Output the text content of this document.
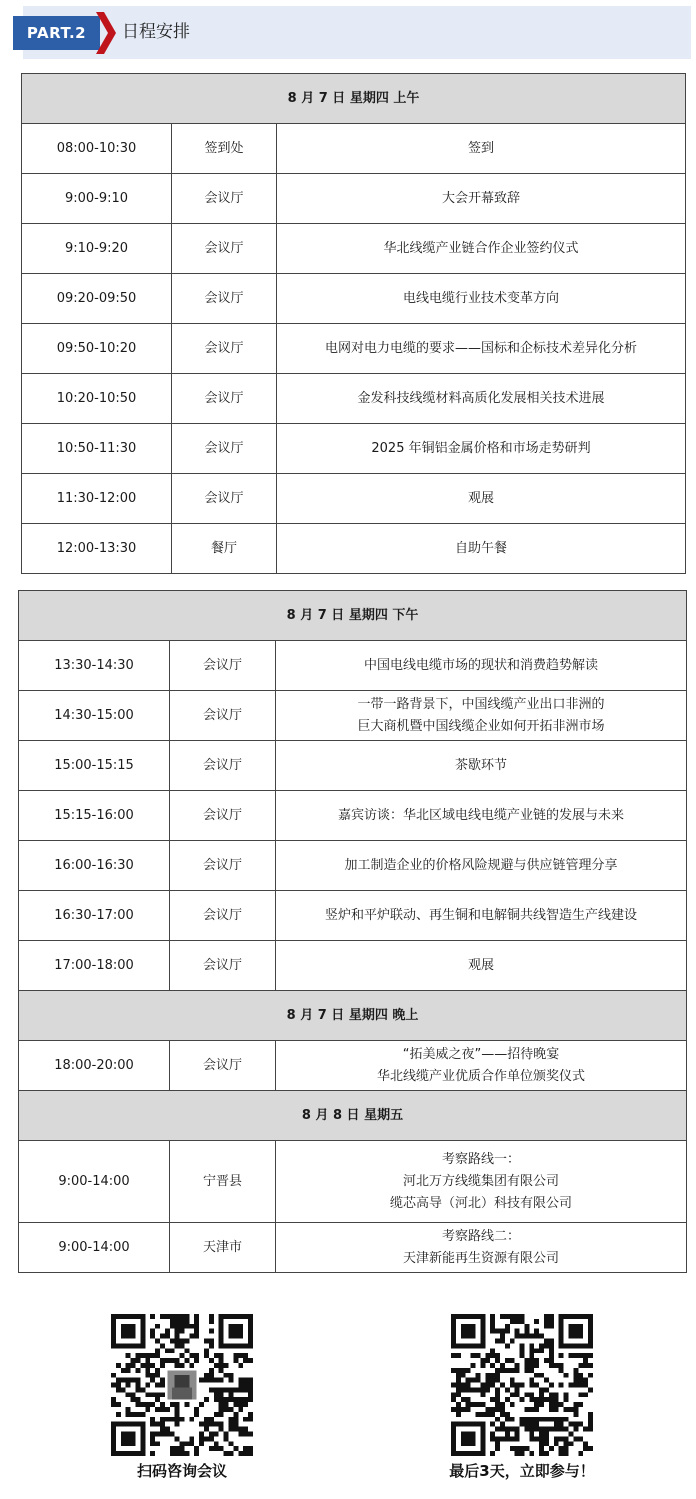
PART.2	日程安排
8 月 7 日 星期四 上午		
08:00-10:30	签到处	签到

9:00-9:10	会议厅	大会开幕致辞

9:10-9:20	会议厅	华北线缆产业链合作企业签约仪式

09:20-09:50	会议厅	电线电缆行业技术变革方向

09:50-10:20	会议厅	电网对电力电缆的要求——国标和企标技术差异化分析

10:20-10:50	会议厅	金发科技线缆材料高质化发展相关技术进展

10:50-11:30	会议厅	2025 年铜铝金属价格和市场走势研判

11:30-12:00	会议厅	观展

12:00-13:30	餐厅	自助午餐
8 月 7 日 星期四 下午		
13:30-14:30	会议厅	中国电线电缆市场的现状和消费趋势解读

14:30-15:00	会议厅	一带一路背景下，中国线缆产业出口非洲的
巨大商机暨中国线缆企业如何开拓非洲市场

15:00-15:15	会议厅	茶歇环节

15:15-16:00	会议厅	嘉宾访谈：华北区域电线电缆产业链的发展与未来

16:00-16:30	会议厅	加工制造企业的价格风险规避与供应链管理分享

16:30-17:00	会议厅	竖炉和平炉联动、再生铜和电解铜共线智造生产线建设

17:00-18:00	会议厅	观展

8 月 7 日 星期四 晚上		
18:00-20:00	会议厅	“拓美威之夜”——招待晚宴
华北线缆产业优质合作单位颁奖仪式

8 月 8 日 星期五		
9:00-14:00	宁晋县	考察路线一：
河北万方线缆集团有限公司
缆芯高导（河北）科技有限公司

9:00-14:00	天津市	考察路线二：
天津新能再生资源有限公司
扫码咨询会议	最后3天，立即参与！
